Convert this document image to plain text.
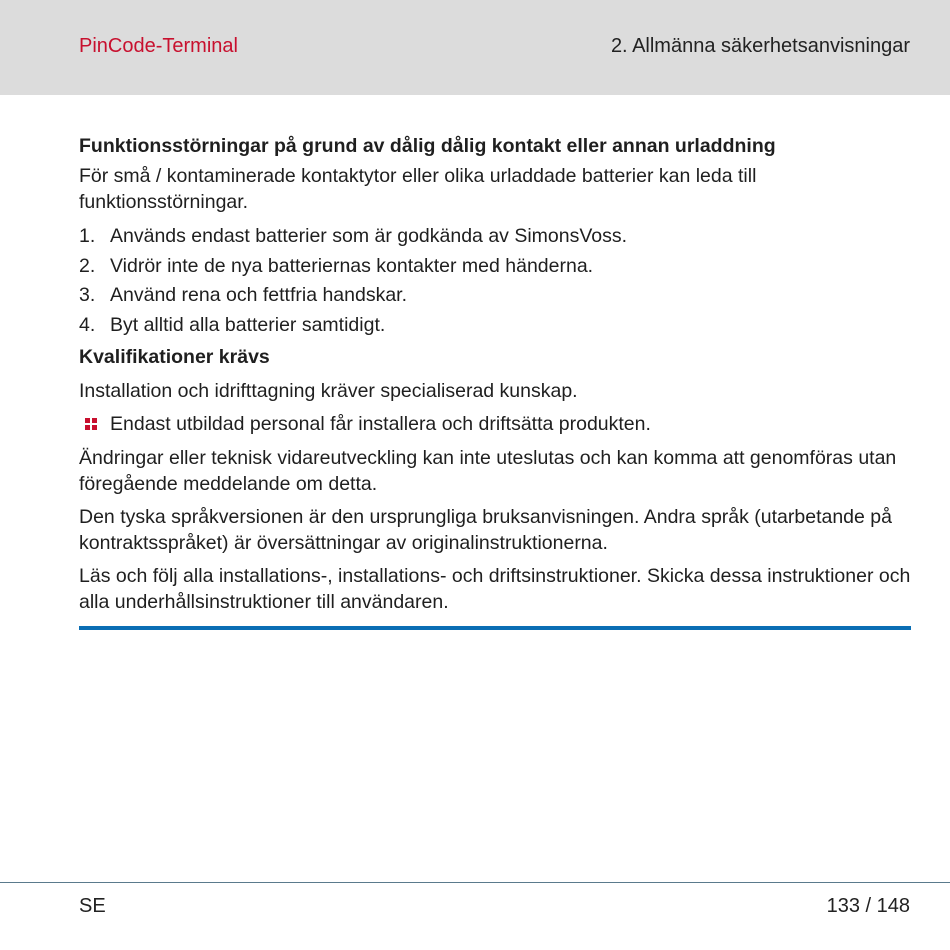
PinCode-Terminal	2. Allmänna säkerhetsanvisningar
Funktionsstörningar på grund av dålig dålig kontakt eller annan urladdning
För små / kontaminerade kontaktytor eller olika urladdade batterier kan leda till funktionsstörningar.
1. Används endast batterier som är godkända av SimonsVoss.
2. Vidrör inte de nya batteriernas kontakter med händerna.
3. Använd rena och fettfria handskar.
4. Byt alltid alla batterier samtidigt.
Kvalifikationer krävs
Installation och idrifttagning kräver specialiserad kunskap.
Endast utbildad personal får installera och driftsätta produkten.
Ändringar eller teknisk vidareutveckling kan inte uteslutas och kan komma att genomföras utan föregående meddelande om detta.
Den tyska språkversionen är den ursprungliga bruksanvisningen. Andra språk (utarbetande på kontraktsspråket) är översättningar av originalinstruktionerna.
Läs och följ alla installations-, installations- och driftsinstruktioner. Skicka dessa instruktioner och alla underhållsinstruktioner till användaren.
SE	133 / 148
